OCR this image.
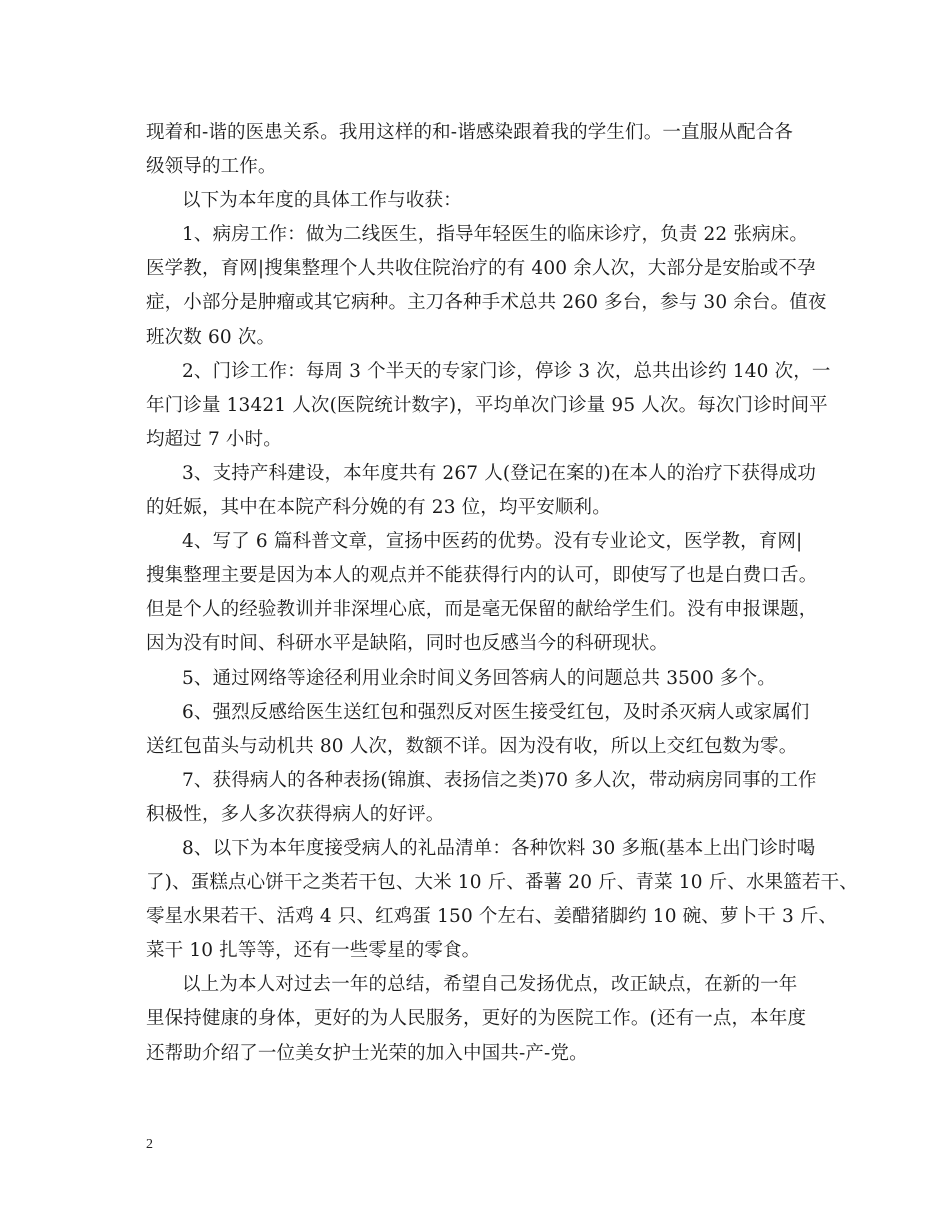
现着和-谐的医患关系。我用这样的和-谐感染跟着我的学生们。一直服从配合各
级领导的工作。
以下为本年度的具体工作与收获：
1、病房工作：做为二线医生，指导年轻医生的临床诊疗，负责 22 张病床。
医学教，育网|搜集整理个人共收住院治疗的有 400 余人次，大部分是安胎或不孕
症，小部分是肿瘤或其它病种。主刀各种手术总共 260 多台，参与 30 余台。值夜
班次数 60 次。
2、门诊工作：每周 3 个半天的专家门诊，停诊 3 次，总共出诊约 140 次，一
年门诊量 13421 人次(医院统计数字)，平均单次门诊量 95 人次。每次门诊时间平
均超过 7 小时。
3、支持产科建设，本年度共有 267 人(登记在案的)在本人的治疗下获得成功
的妊娠，其中在本院产科分娩的有 23 位，均平安顺利。
4、写了 6 篇科普文章，宣扬中医药的优势。没有专业论文，医学教，育网|
搜集整理主要是因为本人的观点并不能获得行内的认可，即使写了也是白费口舌。
但是个人的经验教训并非深埋心底，而是毫无保留的献给学生们。没有申报课题，
因为没有时间、科研水平是缺陷，同时也反感当今的科研现状。
5、通过网络等途径利用业余时间义务回答病人的问题总共 3500 多个。
6、强烈反感给医生送红包和强烈反对医生接受红包，及时杀灭病人或家属们
送红包苗头与动机共 80 人次，数额不详。因为没有收，所以上交红包数为零。
7、获得病人的各种表扬(锦旗、表扬信之类)70 多人次，带动病房同事的工作
积极性，多人多次获得病人的好评。
8、以下为本年度接受病人的礼品清单：各种饮料 30 多瓶(基本上出门诊时喝
了)、蛋糕点心饼干之类若干包、大米 10 斤、番薯 20 斤、青菜 10 斤、水果篮若干、
零星水果若干、活鸡 4 只、红鸡蛋 150 个左右、姜醋猪脚约 10 碗、萝卜干 3 斤、
菜干 10 扎等等，还有一些零星的零食。
以上为本人对过去一年的总结，希望自己发扬优点，改正缺点，在新的一年
里保持健康的身体，更好的为人民服务，更好的为医院工作。(还有一点，本年度
还帮助介绍了一位美女护士光荣的加入中国共-产-党。
2
